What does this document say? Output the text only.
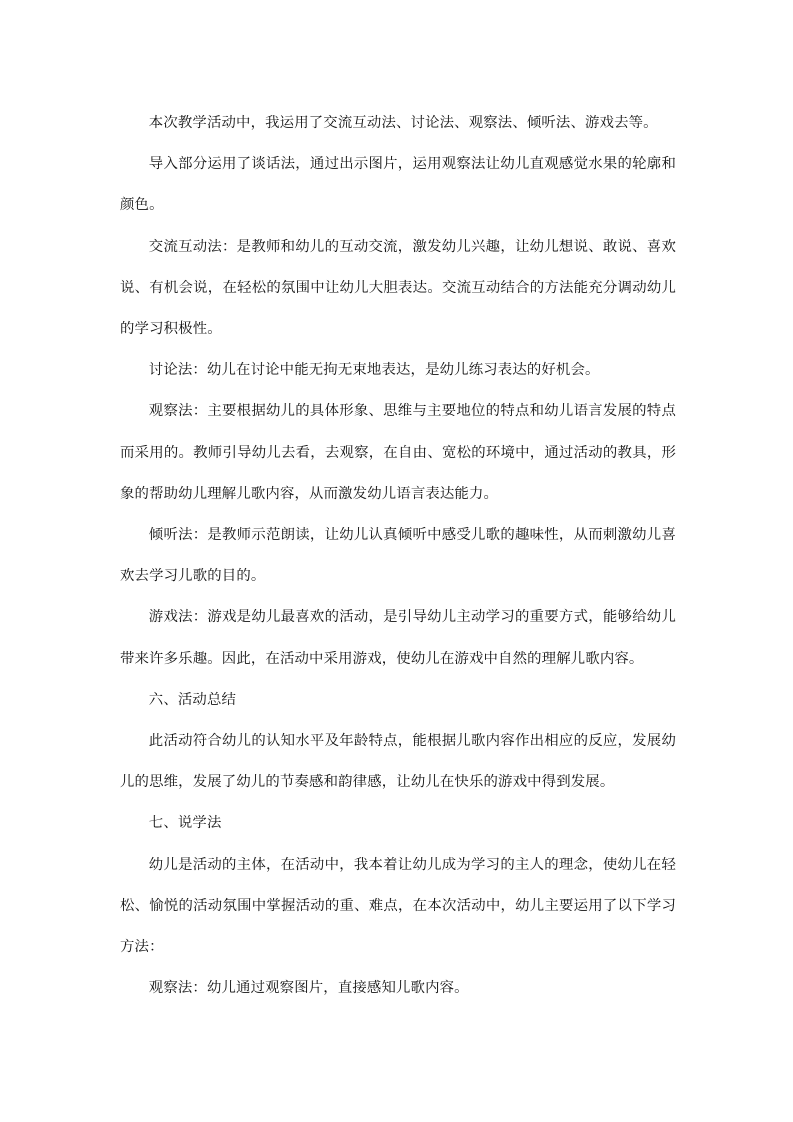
本次教学活动中，我运用了交流互动法、讨论法、观察法、倾听法、游戏去等。

导入部分运用了谈话法，通过出示图片，运用观察法让幼儿直观感觉水果的轮廓和颜色。

交流互动法：是教师和幼儿的互动交流，激发幼儿兴趣，让幼儿想说、敢说、喜欢说、有机会说，在轻松的氛围中让幼儿大胆表达。交流互动结合的方法能充分调动幼儿的学习积极性。

讨论法：幼儿在讨论中能无拘无束地表达，是幼儿练习表达的好机会。

观察法：主要根据幼儿的具体形象、思维与主要地位的特点和幼儿语言发展的特点而采用的。教师引导幼儿去看，去观察，在自由、宽松的环境中，通过活动的教具，形象的帮助幼儿理解儿歌内容，从而激发幼儿语言表达能力。

倾听法：是教师示范朗读，让幼儿认真倾听中感受儿歌的趣味性，从而刺激幼儿喜欢去学习儿歌的目的。

游戏法：游戏是幼儿最喜欢的活动，是引导幼儿主动学习的重要方式，能够给幼儿带来许多乐趣。因此，在活动中采用游戏，使幼儿在游戏中自然的理解儿歌内容。

六、活动总结

此活动符合幼儿的认知水平及年龄特点，能根据儿歌内容作出相应的反应，发展幼儿的思维，发展了幼儿的节奏感和韵律感，让幼儿在快乐的游戏中得到发展。

七、说学法

幼儿是活动的主体，在活动中，我本着让幼儿成为学习的主人的理念，使幼儿在轻松、愉悦的活动氛围中掌握活动的重、难点，在本次活动中，幼儿主要运用了以下学习方法：

观察法：幼儿通过观察图片，直接感知儿歌内容。
